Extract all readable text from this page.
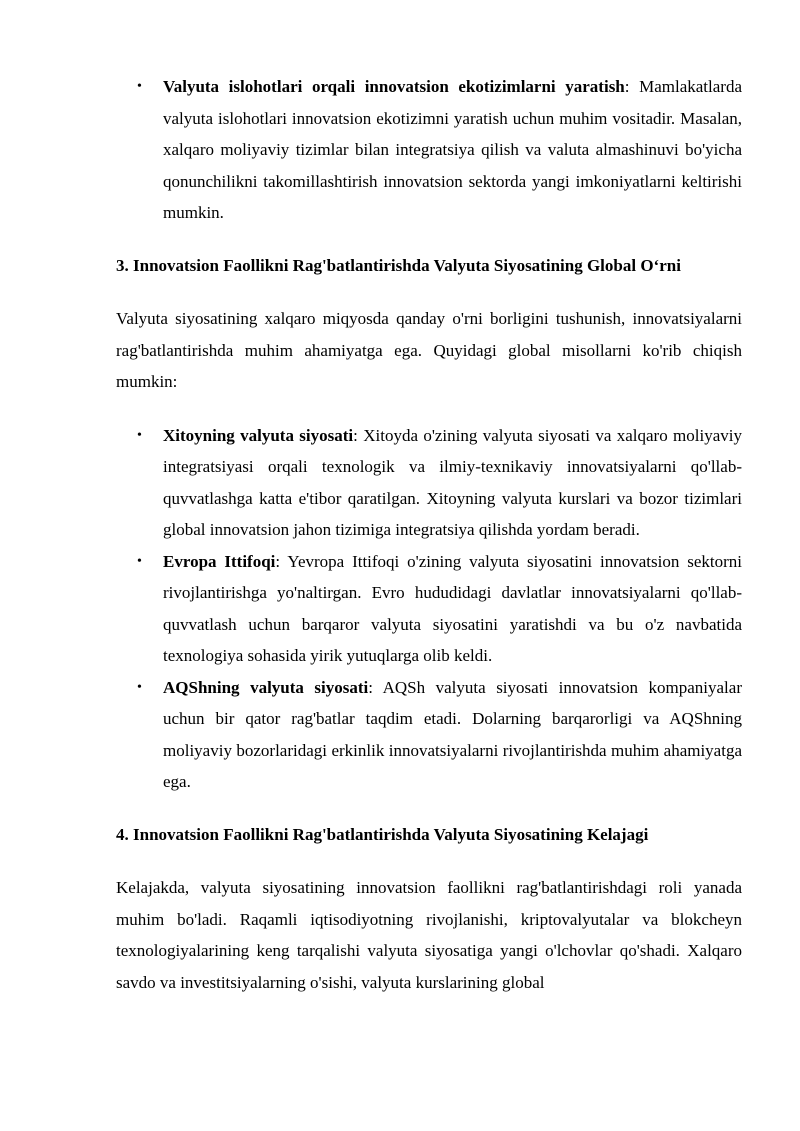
• Valyuta islohotlari orqali innovatsion ekotizimlarni yaratish: Mamlakatlarda valyuta islohotlari innovatsion ekotizimni yaratish uchun muhim vositadir. Masalan, xalqaro moliyaviy tizimlar bilan integratsiya qilish va valuta almashinuvi bo'yicha qonunchilikni takomillashtirish innovatsion sektorda yangi imkoniyatlarni keltirishi mumkin.
3. Innovatsion Faollikni Rag'batlantirishda Valyuta Siyosatining Global O‘rni

Valyuta siyosatining xalqaro miqyosda qanday o'rni borligini tushunish, innovatsiyalarni rag'batlantirishda muhim ahamiyatga ega. Quyidagi global misollarni ko'rib chiqish mumkin:

• Xitoyning valyuta siyosati: Xitoyda o'zining valyuta siyosati va xalqaro moliyaviy integratsiyasi orqali texnologik va ilmiy-texnikaviy innovatsiyalarni qo'llab-quvvatlashga katta e'tibor qaratilgan. Xitoyning valyuta kurslari va bozor tizimlari global innovatsion jahon tizimiga integratsiya qilishda yordam beradi.
• Evropa Ittifoqi: Yevropa Ittifoqi o'zining valyuta siyosatini innovatsion sektorni rivojlantirishga yo'naltirgan. Evro hududidagi davlatlar innovatsiyalarni qo'llab-quvvatlash uchun barqaror valyuta siyosatini yaratishdi va bu o'z navbatida texnologiya sohasida yirik yutuqlarga olib keldi.
• AQShning valyuta siyosati: AQSh valyuta siyosati innovatsion kompaniyalar uchun bir qator rag'batlar taqdim etadi. Dolarning barqarorligi va AQShning moliyaviy bozorlaridagi erkinlik innovatsiyalarni rivojlantirishda muhim ahamiyatga ega.
4. Innovatsion Faollikni Rag'batlantirishda Valyuta Siyosatining Kelajagi

Kelajakda, valyuta siyosatining innovatsion faollikni rag'batlantirishdagi roli yanada muhim bo'ladi. Raqamli iqtisodiyotning rivojlanishi, kriptovalyutalar va blokcheyn texnologiyalarining keng tarqalishi valyuta siyosatiga yangi o'lchovlar qo'shadi. Xalqaro savdo va investitsiyalarning o'sishi, valyuta kurslarining global
